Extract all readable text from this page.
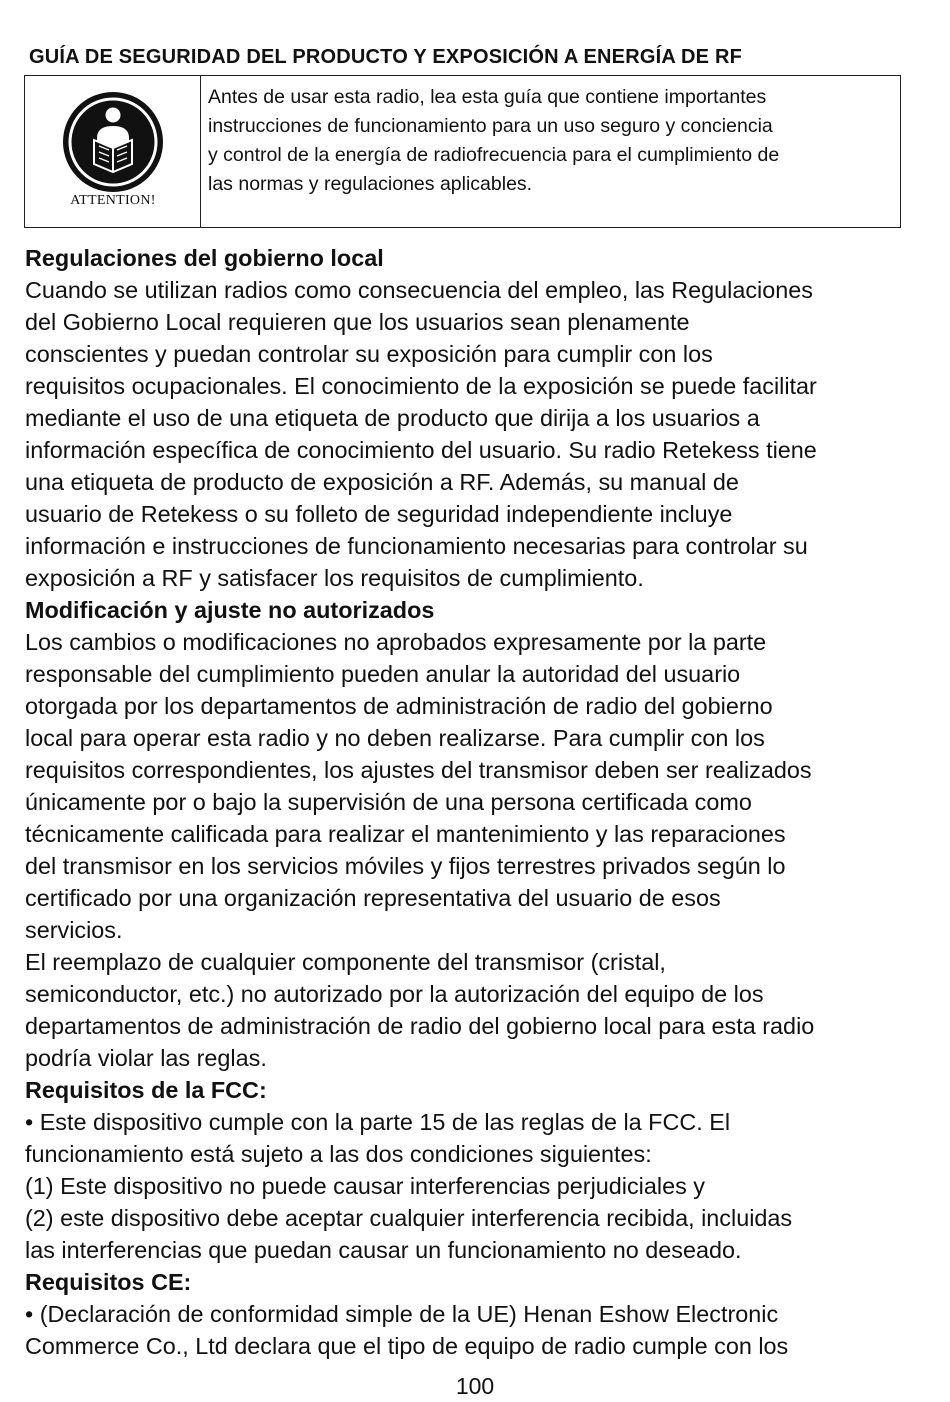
GUÍA DE SEGURIDAD DEL PRODUCTO Y EXPOSICIÓN A ENERGÍA DE RF
ATTENTION!
Antes de usar esta radio, lea esta guía que contiene importantes
instrucciones de funcionamiento para un uso seguro y conciencia
y control de la energía de radiofrecuencia para el cumplimiento de
las normas y regulaciones aplicables.
Regulaciones del gobierno local
Cuando se utilizan radios como consecuencia del empleo, las Regulaciones
del Gobierno Local requieren que los usuarios sean plenamente
conscientes y puedan controlar su exposición para cumplir con los
requisitos ocupacionales. El conocimiento de la exposición se puede facilitar
mediante el uso de una etiqueta de producto que dirija a los usuarios a
información específica de conocimiento del usuario. Su radio Retekess tiene
una etiqueta de producto de exposición a RF. Además, su manual de
usuario de Retekess o su folleto de seguridad independiente incluye
información e instrucciones de funcionamiento necesarias para controlar su
exposición a RF y satisfacer los requisitos de cumplimiento.
Modificación y ajuste no autorizados
Los cambios o modificaciones no aprobados expresamente por la parte
responsable del cumplimiento pueden anular la autoridad del usuario
otorgada por los departamentos de administración de radio del gobierno
local para operar esta radio y no deben realizarse. Para cumplir con los
requisitos correspondientes, los ajustes del transmisor deben ser realizados
únicamente por o bajo la supervisión de una persona certificada como
técnicamente calificada para realizar el mantenimiento y las reparaciones
del transmisor en los servicios móviles y fijos terrestres privados según lo
certificado por una organización representativa del usuario de esos
servicios.
El reemplazo de cualquier componente del transmisor (cristal,
semiconductor, etc.) no autorizado por la autorización del equipo de los
departamentos de administración de radio del gobierno local para esta radio
podría violar las reglas.
Requisitos de la FCC:
• Este dispositivo cumple con la parte 15 de las reglas de la FCC. El
funcionamiento está sujeto a las dos condiciones siguientes:
(1) Este dispositivo no puede causar interferencias perjudiciales y
(2) este dispositivo debe aceptar cualquier interferencia recibida, incluidas
las interferencias que puedan causar un funcionamiento no deseado.
Requisitos CE:
• (Declaración de conformidad simple de la UE) Henan Eshow Electronic
Commerce Co., Ltd declara que el tipo de equipo de radio cumple con los
100
